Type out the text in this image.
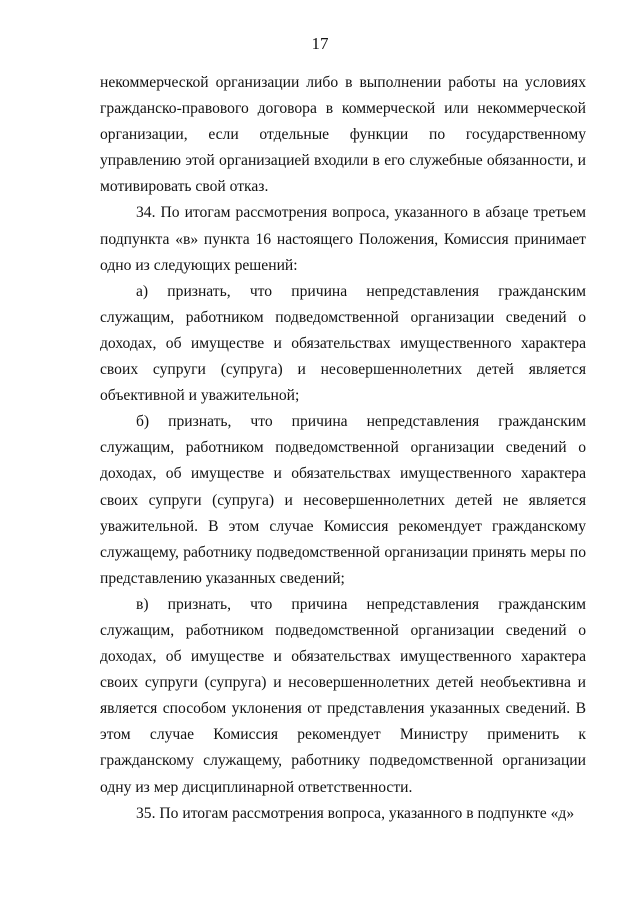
17

некоммерческой организации либо в выполнении работы на условиях гражданско-правового договора в коммерческой или некоммерческой организации, если отдельные функции по государственному управлению этой организацией входили в его служебные обязанности, и мотивировать свой отказ.

34. По итогам рассмотрения вопроса, указанного в абзаце третьем подпункта «в» пункта 16 настоящего Положения, Комиссия принимает одно из следующих решений:

а) признать, что причина непредставления гражданским служащим, работником подведомственной организации сведений о доходах, об имуществе и обязательствах имущественного характера своих супруги (супруга) и несовершеннолетних детей является объективной и уважительной;

б) признать, что причина непредставления гражданским служащим, работником подведомственной организации сведений о доходах, об имуществе и обязательствах имущественного характера своих супруги (супруга) и несовершеннолетних детей не является уважительной. В этом случае Комиссия рекомендует гражданскому служащему, работнику подведомственной организации принять меры по представлению указанных сведений;

в) признать, что причина непредставления гражданским служащим, работником подведомственной организации сведений о доходах, об имуществе и обязательствах имущественного характера своих супруги (супруга) и несовершеннолетних детей необъективна и является способом уклонения от представления указанных сведений. В этом случае Комиссия рекомендует Министру применить к гражданскому служащему, работнику подведомственной организации одну из мер дисциплинарной ответственности.

35. По итогам рассмотрения вопроса, указанного в подпункте «д»
